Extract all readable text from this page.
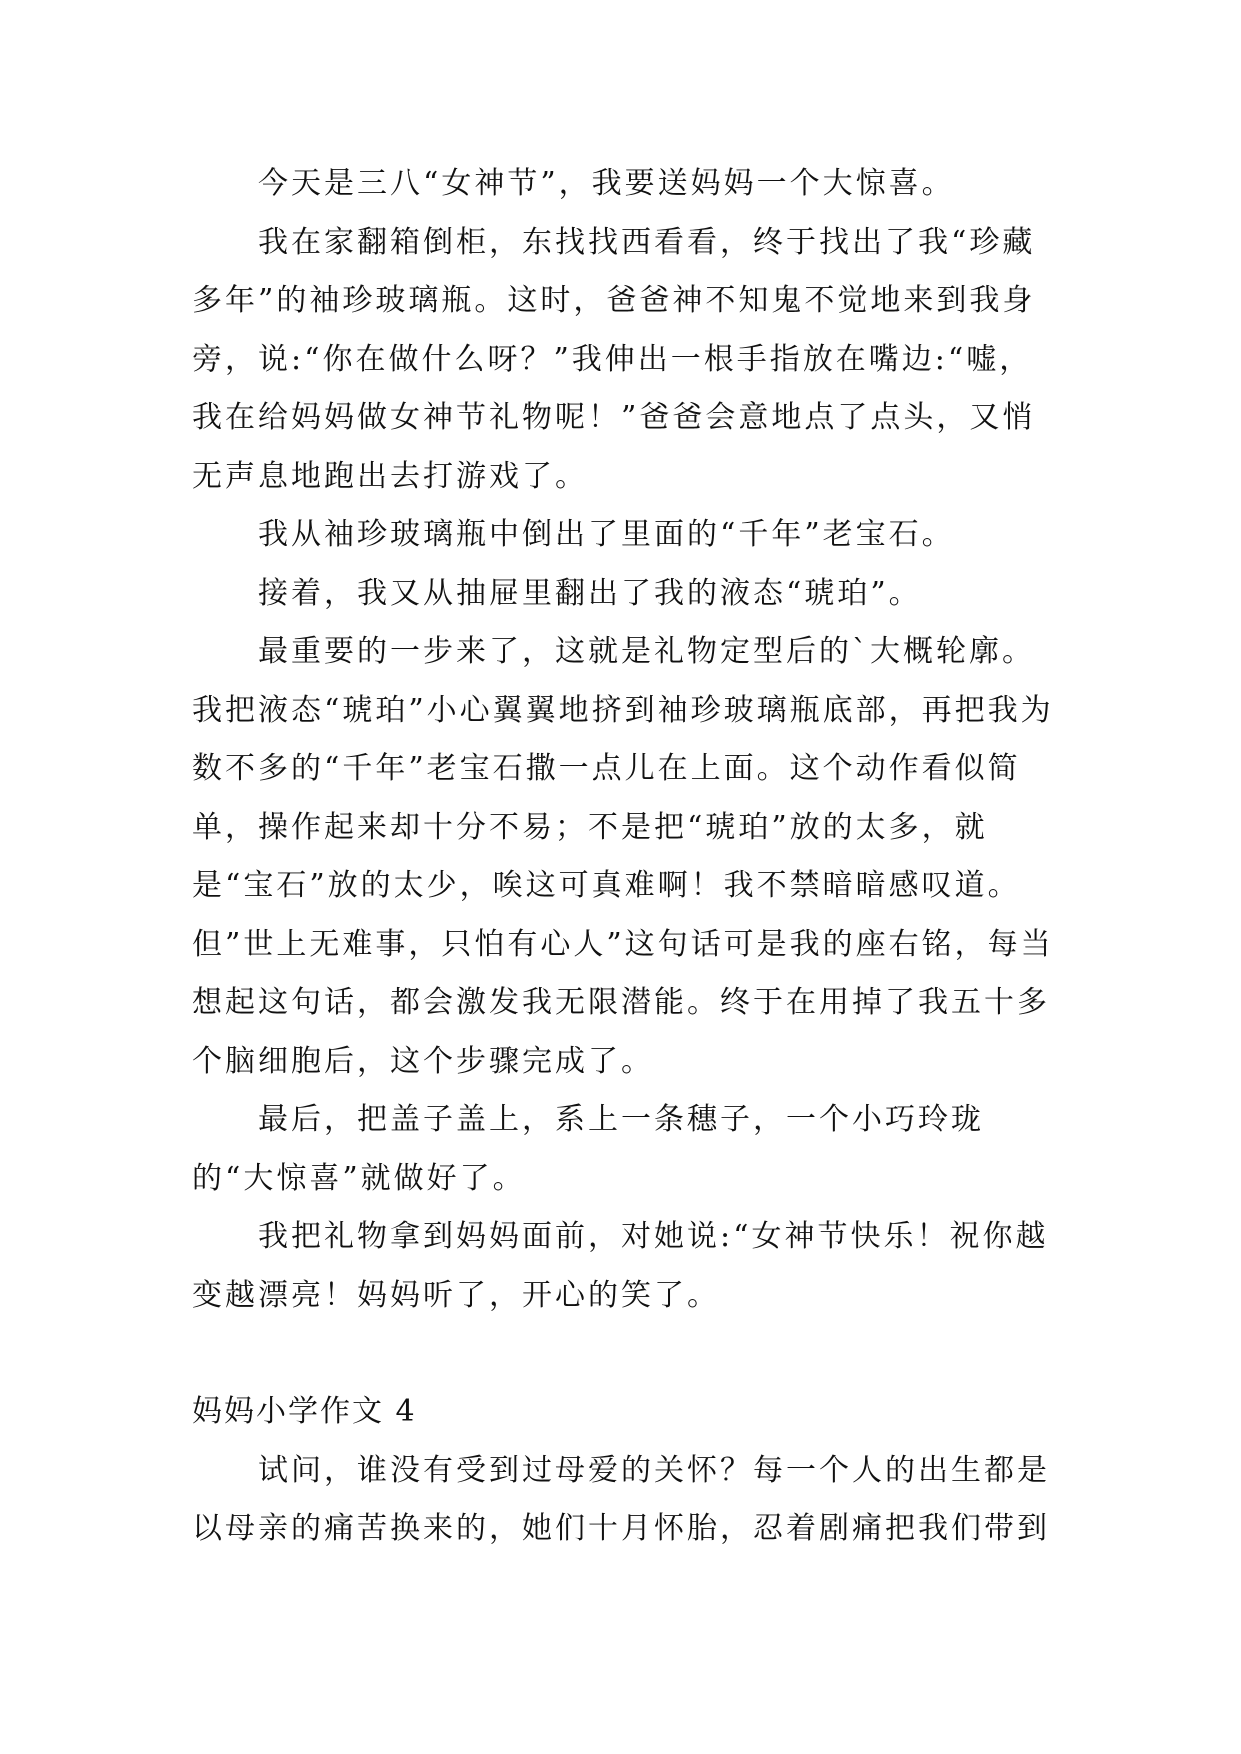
今天是三八“女神节”，我要送妈妈一个大惊喜。

我在家翻箱倒柜，东找找西看看，终于找出了我“珍藏多年”的袖珍玻璃瓶。这时，爸爸神不知鬼不觉地来到我身旁，说:“你在做什么呀？”我伸出一根手指放在嘴边:“嘘，我在给妈妈做女神节礼物呢！”爸爸会意地点了点头，又悄无声息地跑出去打游戏了。

我从袖珍玻璃瓶中倒出了里面的“千年”老宝石。

接着，我又从抽屉里翻出了我的液态“琥珀”。

最重要的一步来了，这就是礼物定型后的`大概轮廓。我把液态“琥珀”小心翼翼地挤到袖珍玻璃瓶底部，再把我为数不多的“千年”老宝石撒一点儿在上面。这个动作看似简单，操作起来却十分不易；不是把“琥珀”放的太多，就是“宝石”放的太少，唉这可真难啊！我不禁暗暗感叹道。但”世上无难事，只怕有心人”这句话可是我的座右铭，每当想起这句话，都会激发我无限潜能。终于在用掉了我五十多个脑细胞后，这个步骤完成了。

最后，把盖子盖上，系上一条穗子，一个小巧玲珑的“大惊喜”就做好了。

我把礼物拿到妈妈面前，对她说:“女神节快乐！祝你越变越漂亮！妈妈听了，开心的笑了。

妈妈小学作文 4

试问，谁没有受到过母爱的关怀？每一个人的出生都是以母亲的痛苦换来的，她们十月怀胎，忍着剧痛把我们带到
